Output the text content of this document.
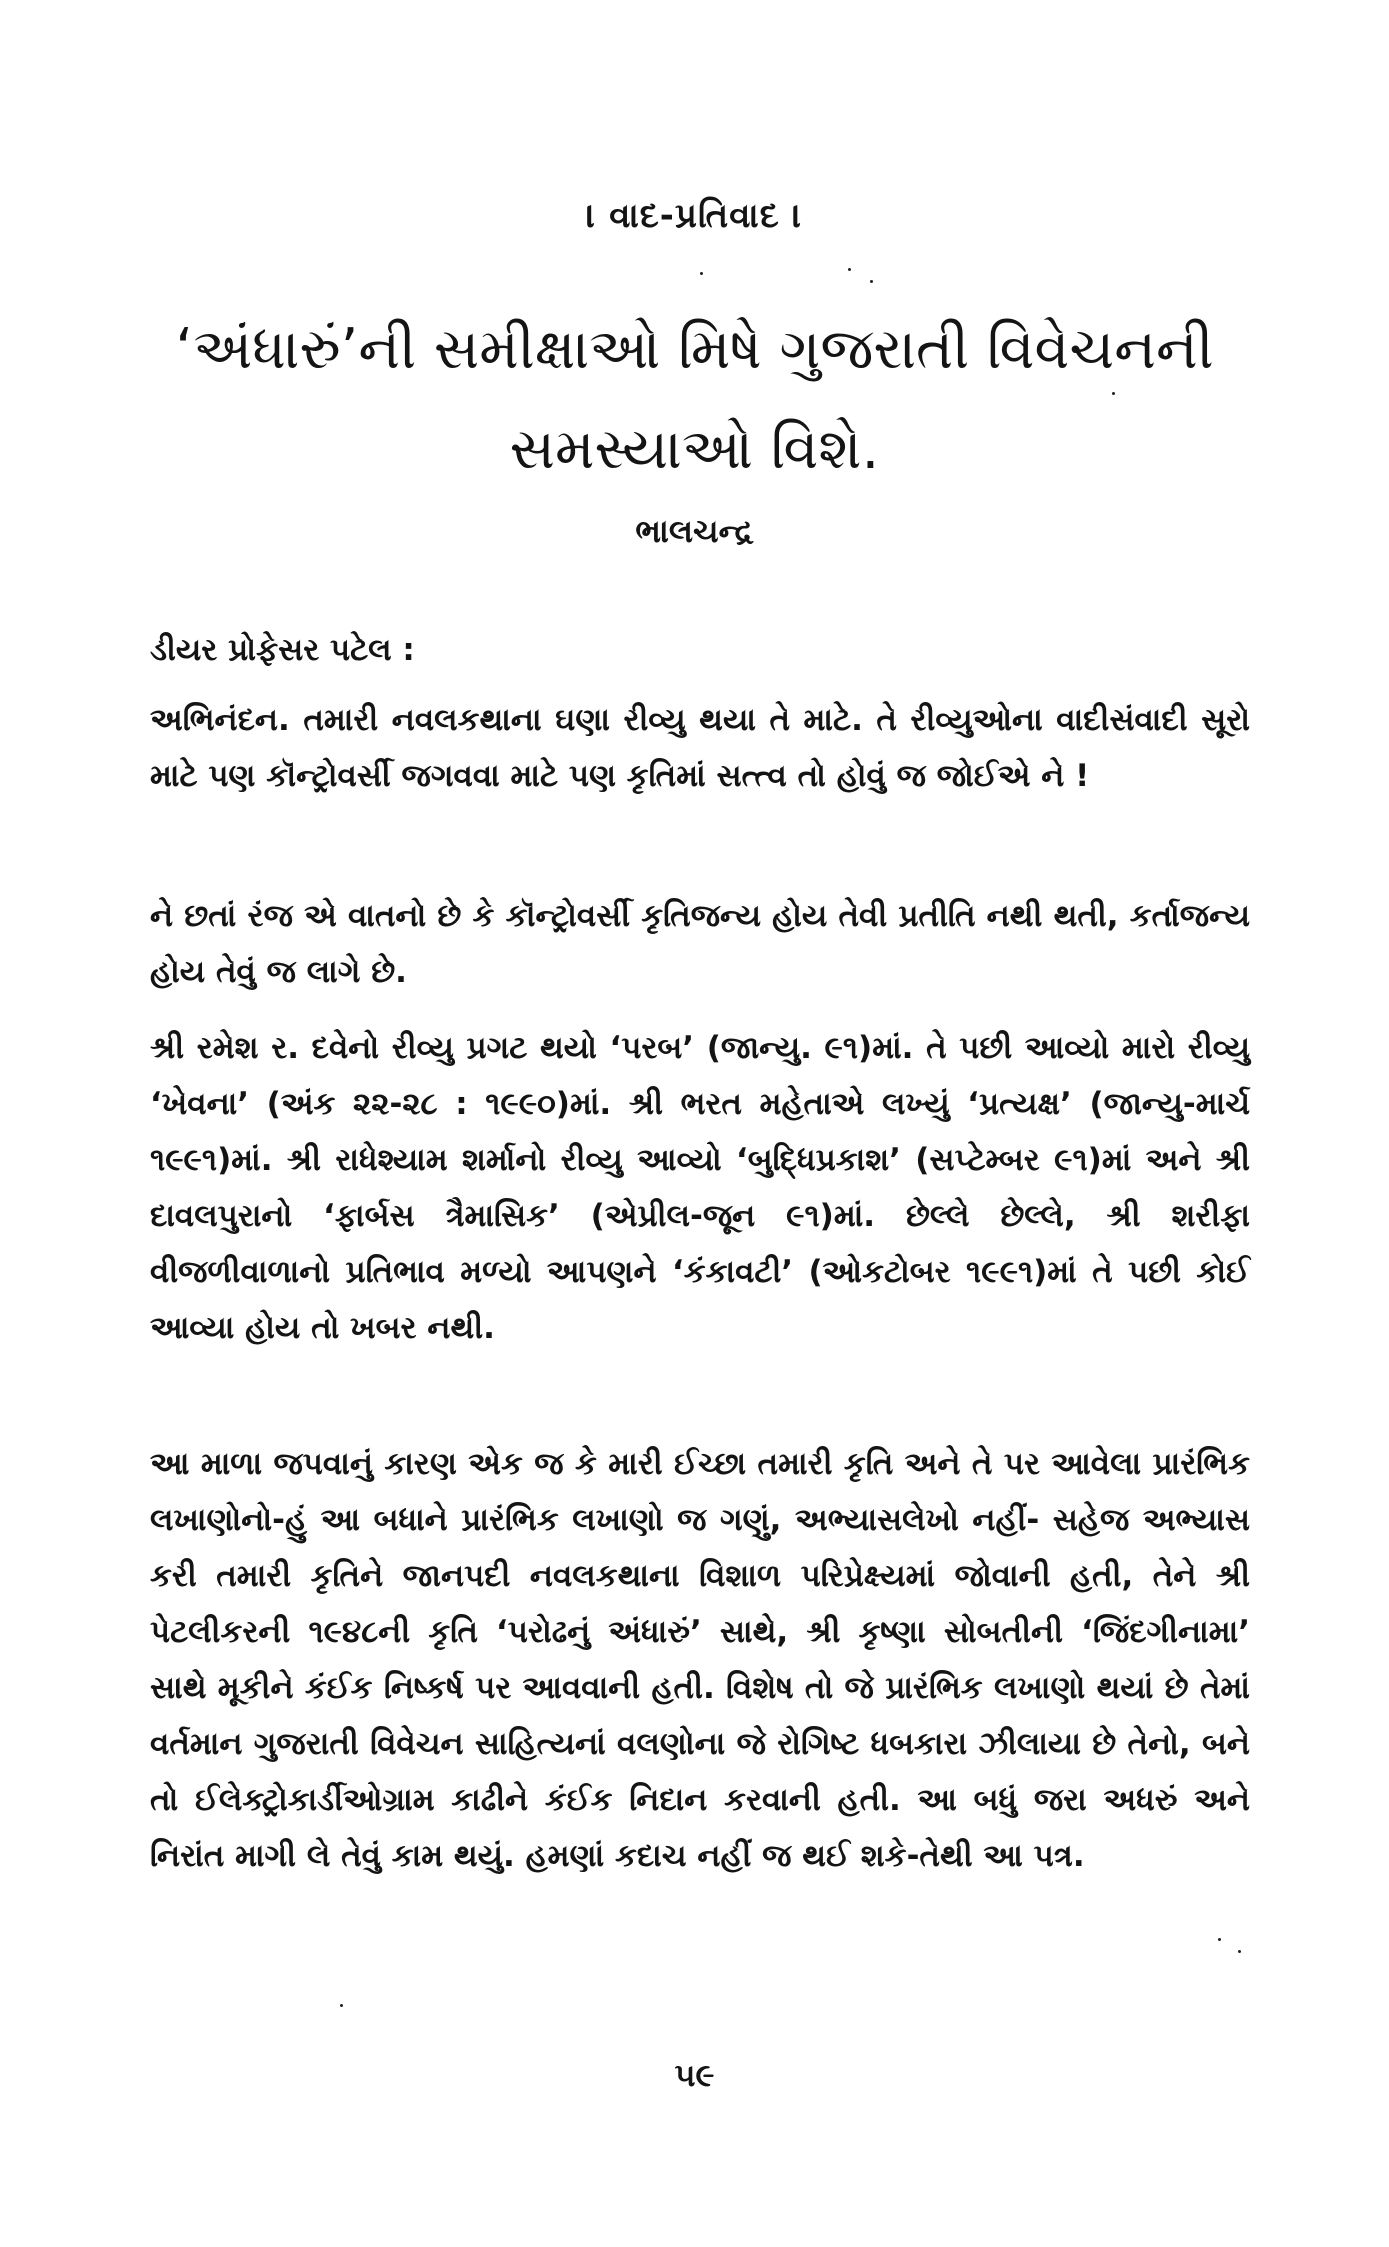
। વાદ-પ્રતિવાદ ।
‘અંધારું’ની સમીક્ષાઓ મિષે ગુજરાતી વિવેચનની સમસ્યાઓ વિશે.
ભાલચન્દ્ર
ડીયર પ્રોફેસર પટેલ :

અભિનંદન. તમારી નવલકથાના ઘણા રીવ્યુ થયા તે માટે. તે રીવ્યુઓના વાદીસંવાદી સૂરો માટે પણ કૉન્ટ્રોવર્સી જગવવા માટે પણ કૃતિમાં સત્ત્વ તો હોવું જ જોઈએ ને !

ને છતાં રંજ એ વાતનો છે કે કૉન્ટ્રોવર્સી કૃતિજન્ય હોય તેવી પ્રતીતિ નથી થતી, કર્તાજન્ય હોય તેવું જ લાગે છે.

શ્રી રમેશ ર. દવેનો રીવ્યુ પ્રગટ થયો ‘પરબ’ (જાન્યુ. ૯૧)માં. તે પછી આવ્યો મારો રીવ્યુ ‘ખેવના’ (અંક ૨૨-૨૮ : ૧૯૯૦)માં. શ્રી ભરત મહેતાએ લખ્યું ‘પ્રત્યક્ષ’ (જાન્યુ-માર્ચ ૧૯૯૧)માં. શ્રી રાધેશ્યામ શર્માનો રીવ્યુ આવ્યો ‘બુદ્ધિપ્રકાશ’ (સપ્ટેમ્બર ૯૧)માં અને શ્રી દાવલપુરાનો ‘ફાર્બસ ત્રૈમાસિક’ (એપ્રીલ-જૂન ૯૧)માં. છેલ્લે છેલ્લે, શ્રી શરીફા વીજળીવાળાનો પ્રતિભાવ મળ્યો આપણને ‘કંકાવટી’ (ઓકટોબર ૧૯૯૧)માં તે પછી કોઈ આવ્યા હોય તો ખબર નથી.

આ માળા જપવાનું કારણ એક જ કે મારી ઈચ્છા તમારી કૃતિ અને તે પર આવેલા પ્રારંભિક લખાણોનો-હું આ બધાને પ્રારંભિક લખાણો જ ગણું, અભ્યાસલેખો નહીં- સહેજ અભ્યાસ કરી તમારી કૃતિને જાનપદી નવલકથાના વિશાળ પરિપ્રેક્ષ્યમાં જોવાની હતી, તેને શ્રી પેટલીકરની ૧૯૪૮ની કૃતિ ‘પરોઢનું અંધારું’ સાથે, શ્રી કૃષ્ણા સોબતીની ‘જિંદગીનામા’ સાથે મૂકીને કંઈક નિષ્કર્ષ પર આવવાની હતી. વિશેષ તો જે પ્રારંભિક લખાણો થયાં છે તેમાં વર્તમાન ગુજરાતી વિવેચન સાહિત્યનાં વલણોના જે રોગિષ્ટ ધબકારા ઝીલાયા છે તેનો, બને તો ઈલેક્ટ્રોકાર્ડીઓગ્રામ કાઢીને કંઈક નિદાન કરવાની હતી. આ બધું જરા અધરું અને નિરાંત માગી લે તેવું કામ થયું. હમણાં કદાચ નહીં જ થઈ શકે-તેથી આ પત્ર.

૫૯
